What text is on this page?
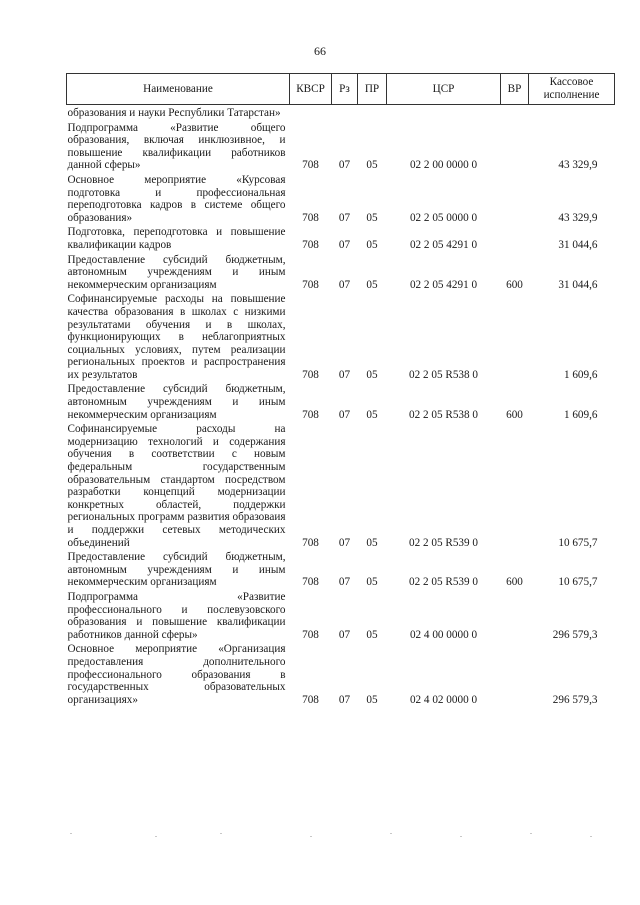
66
Наименование	КВСР	Рз	ПР	ЦСР	ВР	Кассовое исполнение
образования и науки Республики Татарстан»						
Подпрограмма «Развитие общего образования, включая инклюзивное, и повышение квалификации работников данной сферы»	708	07	05	02 2 00 0000 0		43 329,9
Основное мероприятие «Курсовая подготовка и профессиональная переподготовка кадров в системе общего образования»	708	07	05	02 2 05 0000 0		43 329,9
Подготовка, переподготовка и повышение квалификации кадров	708	07	05	02 2 05 4291 0		31 044,6
Предоставление субсидий бюджетным, автономным учреждениям и иным некоммерческим организациям	708	07	05	02 2 05 4291 0	600	31 044,6
Софинансируемые расходы на повышение качества образования в школах с низкими результатами обучения и в школах, функционирующих в неблагоприятных социальных условиях, путем реализации региональных проектов и распространения их результатов	708	07	05	02 2 05 R538 0		1 609,6
Предоставление субсидий бюджетным, автономным учреждениям и иным некоммерческим организациям	708	07	05	02 2 05 R538 0	600	1 609,6
Софинансируемые расходы на модернизацию технологий и содержания обучения в соответствии с новым федеральным государственным образовательным стандартом посредством разработки концепций модернизации конкретных областей, поддержки региональных программ развития образоваия и поддержки сетевых методических объединений	708	07	05	02 2 05 R539 0		10 675,7
Предоставление субсидий бюджетным, автономным учреждениям и иным некоммерческим организациям	708	07	05	02 2 05 R539 0	600	10 675,7
Подпрограмма «Развитие профессионального и послевузовского образования и повышение квалификации работников данной сферы»	708	07	05	02 4 00 0000 0		296 579,3
Основное мероприятие «Организация предоставления дополнительного профессионального образования в государственных образовательных организациях»	708	07	05	02 4 02 0000 0		296 579,3
